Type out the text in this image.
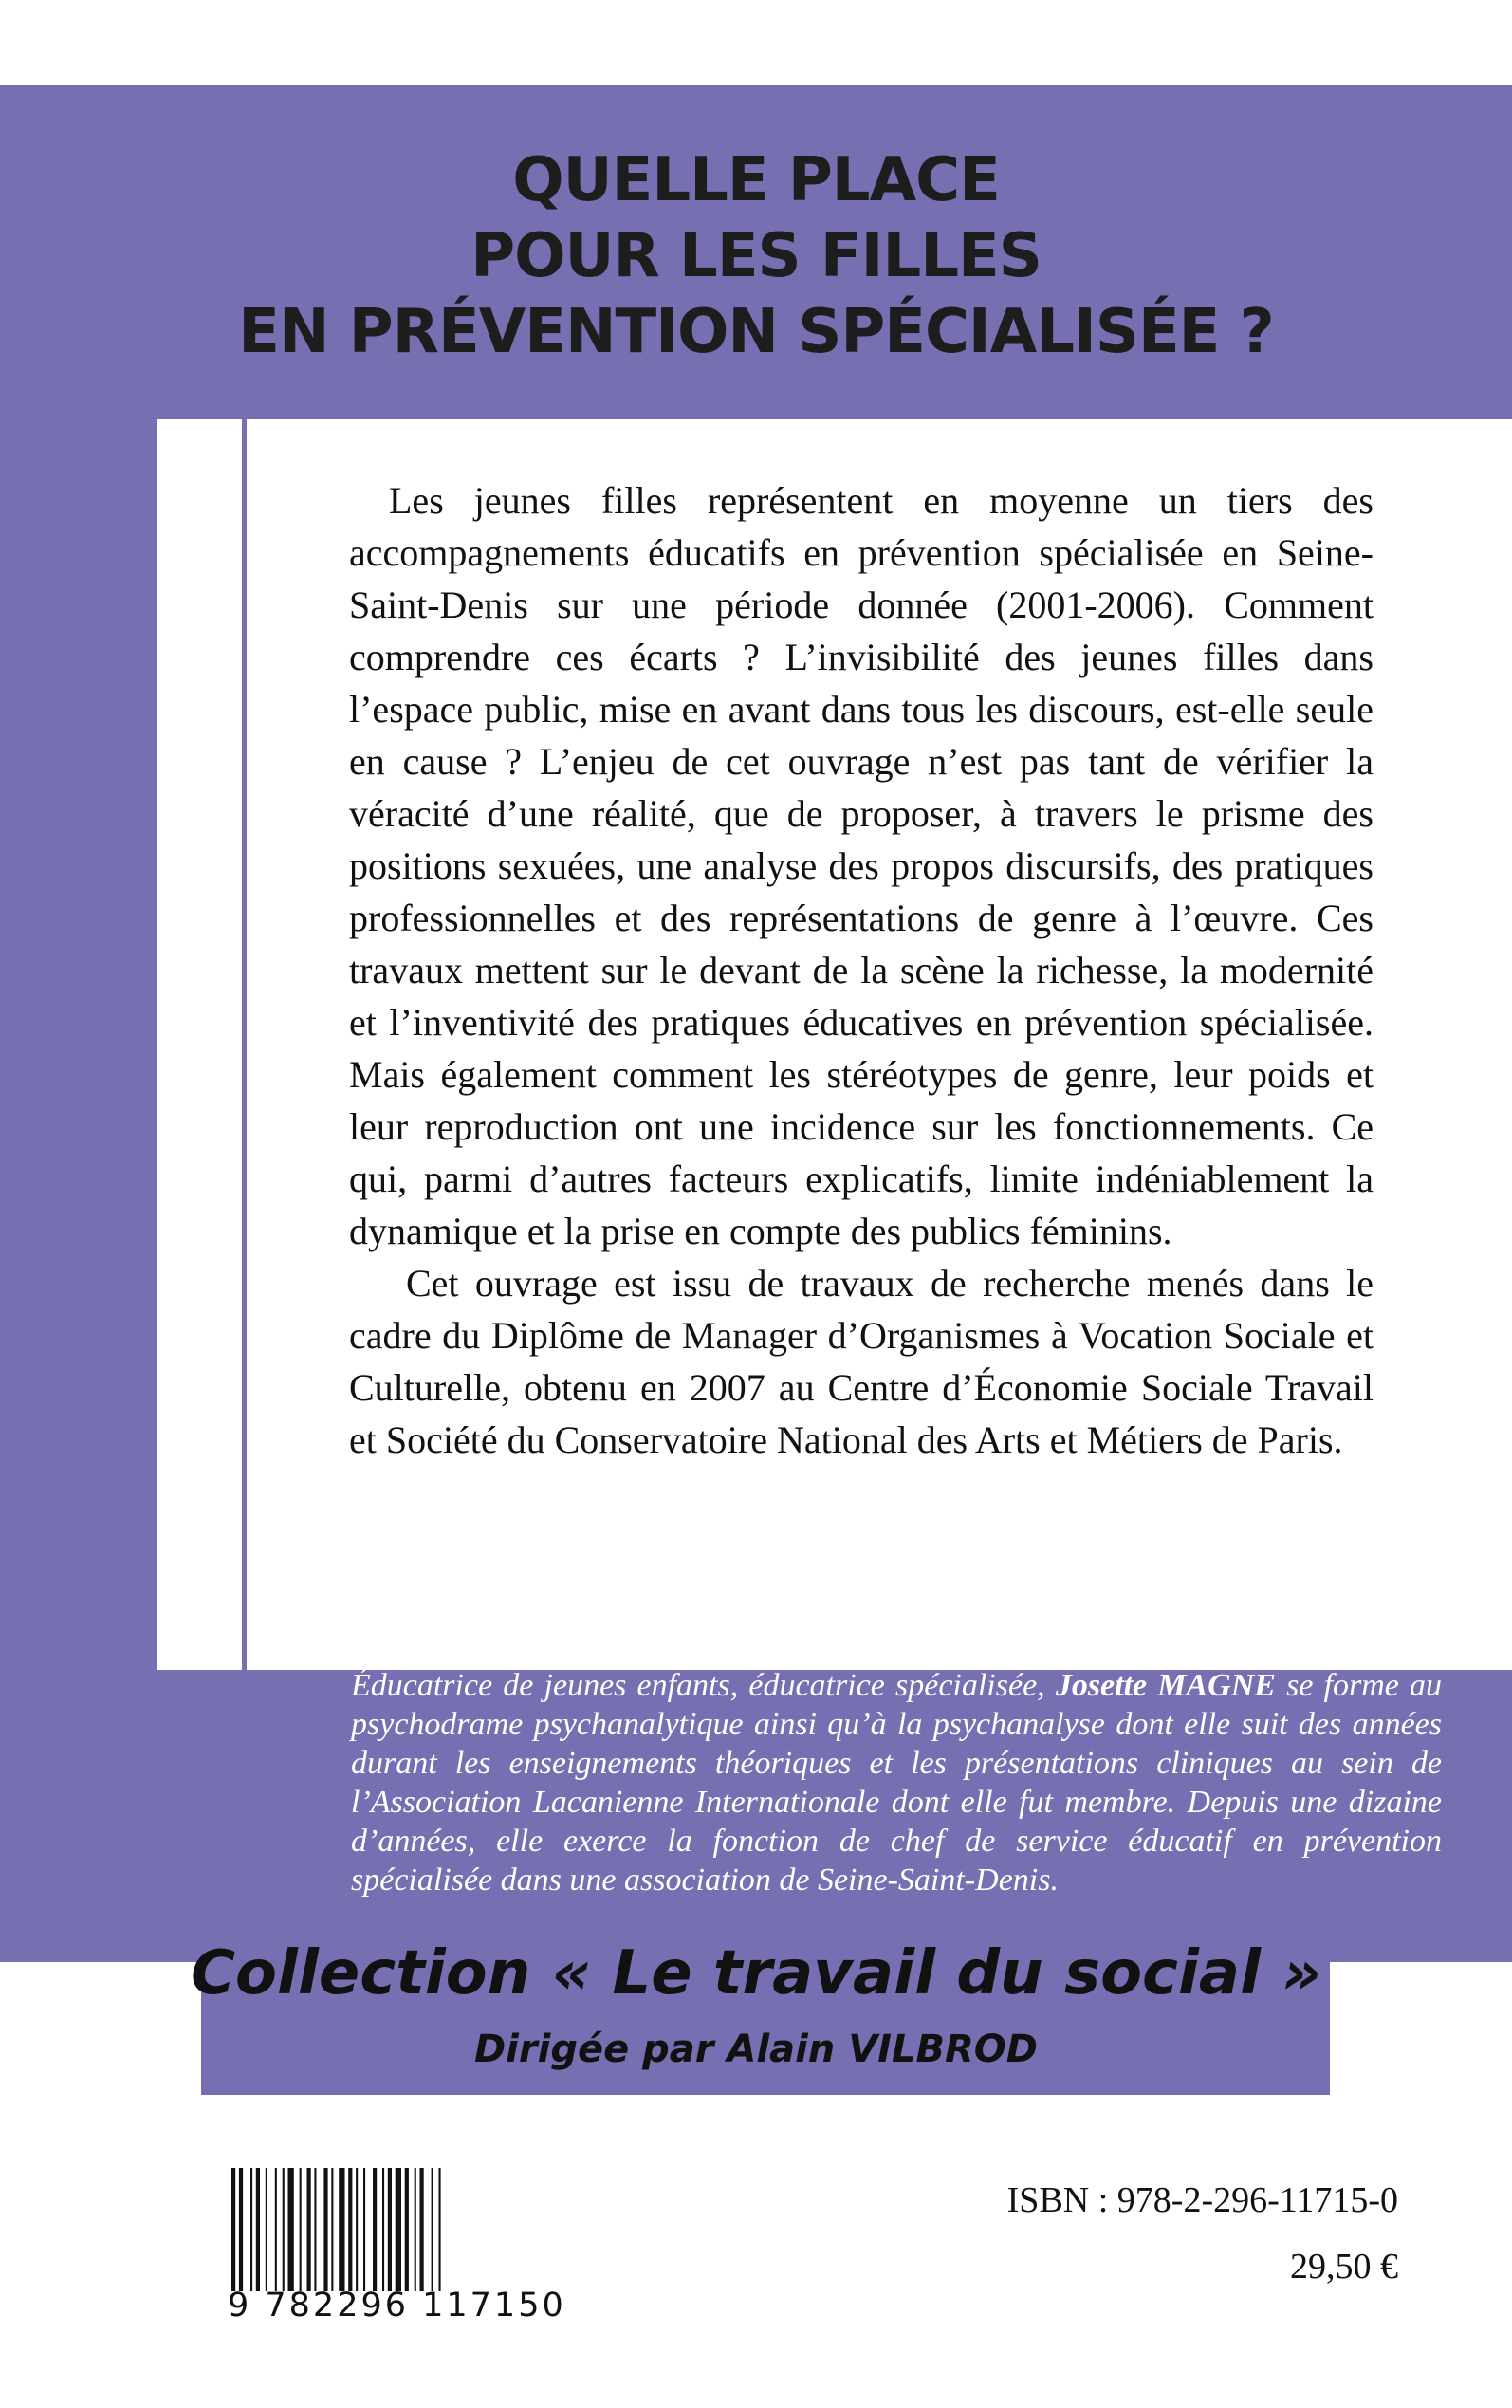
QUELLE PLACE
POUR LES FILLES
EN PRÉVENTION SPÉCIALISÉE ?

Les jeunes filles représentent en moyenne un tiers des accompagnements éducatifs en prévention spécialisée en Seine-Saint-Denis sur une période donnée (2001-2006). Comment comprendre ces écarts ? L’invisibilité des jeunes filles dans l’espace public, mise en avant dans tous les discours, est-elle seule en cause ? L’enjeu de cet ouvrage n’est pas tant de vérifier la véracité d’une réalité, que de proposer, à travers le prisme des positions sexuées, une analyse des propos discursifs, des pratiques professionnelles et des représentations de genre à l’œuvre. Ces travaux mettent sur le devant de la scène la richesse, la modernité et l’inventivité des pratiques éducatives en prévention spécialisée. Mais également comment les stéréotypes de genre, leur poids et leur reproduction ont une incidence sur les fonctionnements. Ce qui, parmi d’autres facteurs explicatifs, limite indéniablement la dynamique et la prise en compte des publics féminins.

Cet ouvrage est issu de travaux de recherche menés dans le cadre du Diplôme de Manager d’Organismes à Vocation Sociale et Culturelle, obtenu en 2007 au Centre d’Économie Sociale Travail et Société du Conservatoire National des Arts et Métiers de Paris.

Éducatrice de jeunes enfants, éducatrice spécialisée, Josette MAGNE se forme au psychodrame psychanalytique ainsi qu’à la psychanalyse dont elle suit des années durant les enseignements théoriques et les présentations cliniques au sein de l’Association Lacanienne Internationale dont elle fut membre. Depuis une dizaine d’années, elle exerce la fonction de chef de service éducatif en prévention spécialisée dans une association de Seine-Saint-Denis.

Collection « Le travail du social »

Dirigée par Alain VILBROD

9 782296 117150

ISBN : 978-2-296-11715-0

29,50 €
